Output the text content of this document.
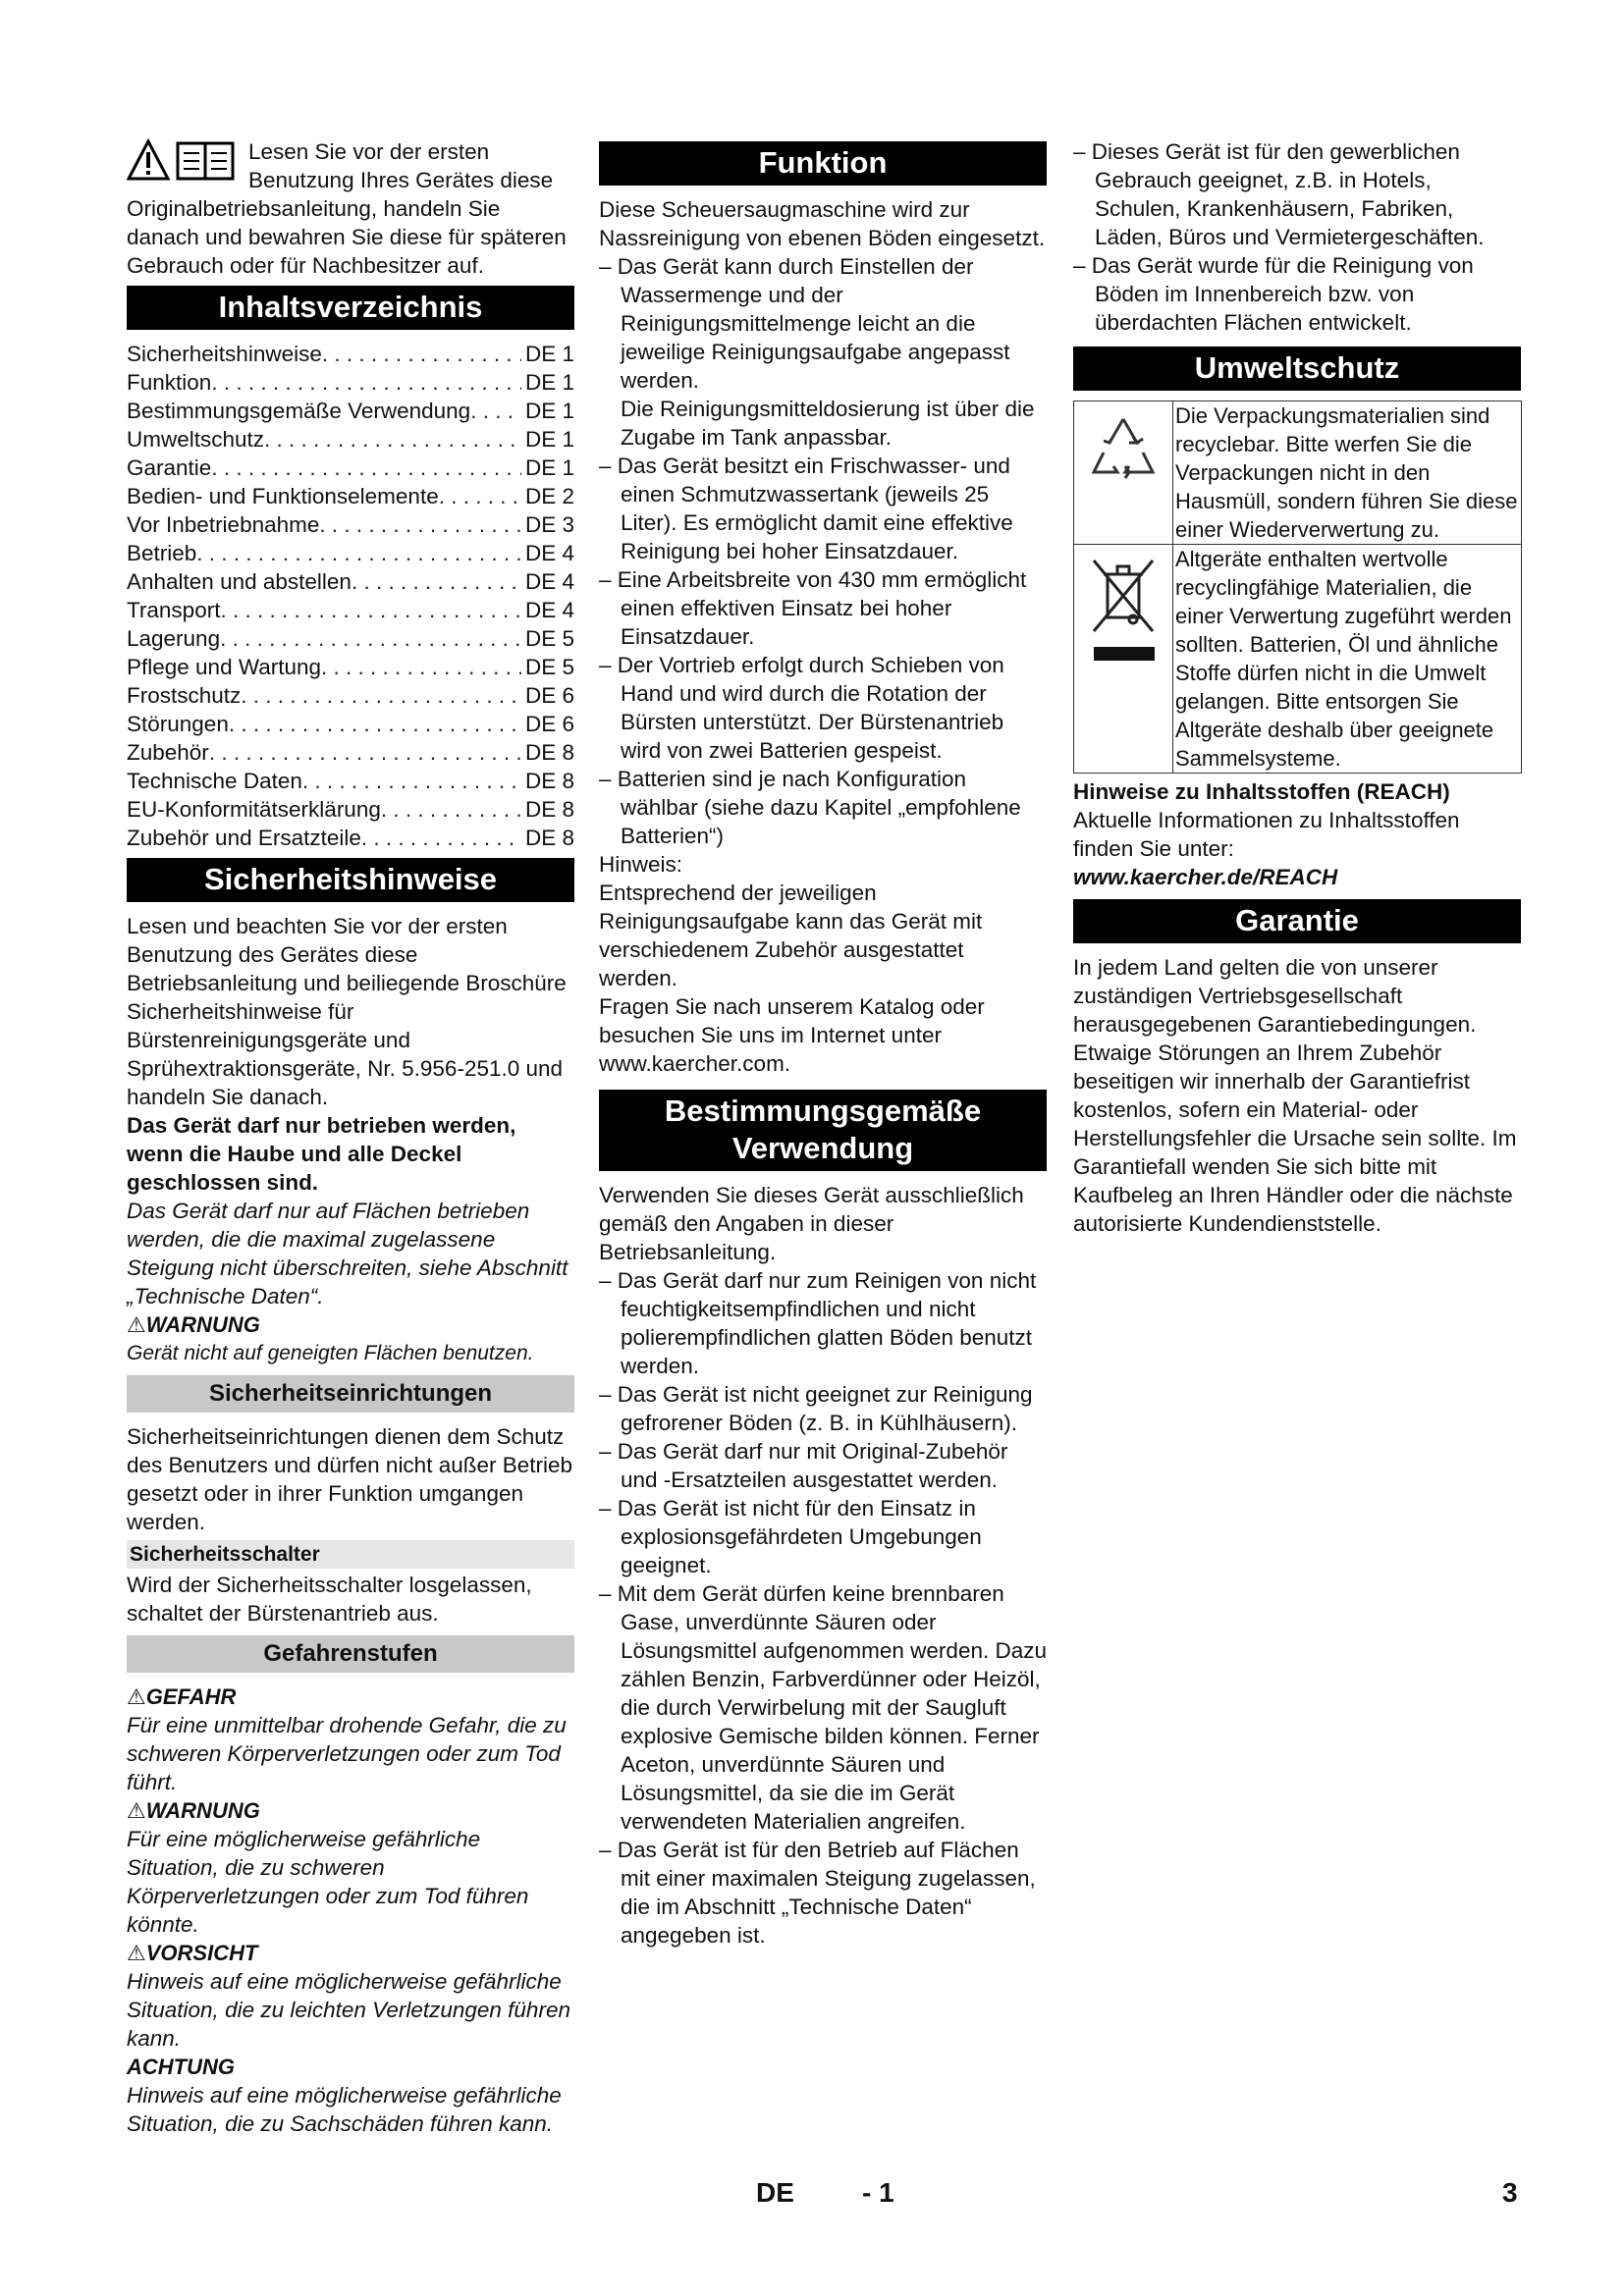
Lesen Sie vor der ersten Benutzung Ihres Gerätes diese Originalbetriebsanleitung, handeln Sie danach und bewahren Sie diese für späteren Gebrauch oder für Nachbesitzer auf.

Inhaltsverzeichnis
Sicherheitshinweise . . .	DE 1
Funktion . . .	DE 1
Bestimmungsgemäße Verwendung . . . DE 1
Umweltschutz . . .	DE 1
Garantie . . .	DE 1
Bedien- und Funktionselemente . . .	DE 2
Vor Inbetriebnahme . . .	DE 3
Betrieb . . .	DE 4
Anhalten und abstellen . . .	DE 4
Transport . . .	DE 4
Lagerung . . .	DE 5
Pflege und Wartung . . .	DE 5
Frostschutz . . .	DE 6
Störungen . . .	DE 6
Zubehör . . .	DE 8
Technische Daten . . .	DE 8
EU-Konformitätserklärung . . .	DE 8
Zubehör und Ersatzteile . . .	DE 8
Sicherheitshinweise

Lesen und beachten Sie vor der ersten Benutzung des Gerätes diese Betriebsanleitung und beiliegende Broschüre Sicherheitshinweise für Bürstenreinigungsgeräte und Sprühextraktionsgeräte, Nr. 5.956-251.0 und handeln Sie danach.

Das Gerät darf nur betrieben werden, wenn die Haube und alle Deckel geschlossen sind.

Das Gerät darf nur auf Flächen betrieben werden, die die maximal zugelassene Steigung nicht überschreiten, siehe Abschnitt „Technische Daten“.

⚠WARNUNG

Gerät nicht auf geneigten Flächen benutzen.

Sicherheitseinrichtungen

Sicherheitseinrichtungen dienen dem Schutz des Benutzers und dürfen nicht außer Betrieb gesetzt oder in ihrer Funktion umgangen werden.

Sicherheitsschalter

Wird der Sicherheitsschalter losgelassen, schaltet der Bürstenantrieb aus.

Gefahrenstufen

⚠GEFAHR

Für eine unmittelbar drohende Gefahr, die zu schweren Körperverletzungen oder zum Tod führt.

⚠WARNUNG

Für eine möglicherweise gefährliche Situation, die zu schweren Körperverletzungen oder zum Tod führen könnte.

⚠VORSICHT

Hinweis auf eine möglicherweise gefährliche Situation, die zu leichten Verletzungen führen kann.

ACHTUNG

Hinweis auf eine möglicherweise gefährliche Situation, die zu Sachschäden führen kann.

Funktion

Diese Scheuersaugmaschine wird zur Nassreinigung von ebenen Böden eingesetzt.

– Das Gerät kann durch Einstellen der Wassermenge und der Reinigungsmittelmenge leicht an die jeweilige Reinigungsaufgabe angepasst werden.

Die Reinigungsmitteldosierung ist über die Zugabe im Tank anpassbar.

– Das Gerät besitzt ein Frischwasser- und einen Schmutzwassertank (jeweils 25 Liter). Es ermöglicht damit eine effektive Reinigung bei hoher Einsatzdauer.

– Eine Arbeitsbreite von 430 mm ermöglicht einen effektiven Einsatz bei hoher Einsatzdauer.

– Der Vortrieb erfolgt durch Schieben von Hand und wird durch die Rotation der Bürsten unterstützt. Der Bürstenantrieb wird von zwei Batterien gespeist.

– Batterien sind je nach Konfiguration wählbar (siehe dazu Kapitel „empfohlene Batterien“)

Hinweis:

Entsprechend der jeweiligen Reinigungsaufgabe kann das Gerät mit verschiedenem Zubehör ausgestattet werden.

Fragen Sie nach unserem Katalog oder besuchen Sie uns im Internet unter www.kaercher.com.

Bestimmungsgemäße
Verwendung

Verwenden Sie dieses Gerät ausschließlich gemäß den Angaben in dieser Betriebsanleitung.

– Das Gerät darf nur zum Reinigen von nicht feuchtigkeitsempfindlichen und nicht polierempfindlichen glatten Böden benutzt werden.

– Das Gerät ist nicht geeignet zur Reinigung gefrorener Böden (z. B. in Kühlhäusern).

– Das Gerät darf nur mit Original-Zubehör und -Ersatzteilen ausgestattet werden.

– Das Gerät ist nicht für den Einsatz in explosionsgefährdeten Umgebungen geeignet.

– Mit dem Gerät dürfen keine brennbaren Gase, unverdünnte Säuren oder Lösungsmittel aufgenommen werden. Dazu zählen Benzin, Farbverdünner oder Heizöl, die durch Verwirbelung mit der Saugluft explosive Gemische bilden können. Ferner Aceton, unverdünnte Säuren und Lösungsmittel, da sie die im Gerät verwendeten Materialien angreifen.

– Das Gerät ist für den Betrieb auf Flächen mit einer maximalen Steigung zugelassen, die im Abschnitt „Technische Daten“ angegeben ist.

– Dieses Gerät ist für den gewerblichen Gebrauch geeignet, z.B. in Hotels, Schulen, Krankenhäusern, Fabriken, Läden, Büros und Vermietergeschäften.

– Das Gerät wurde für die Reinigung von Böden im Innenbereich bzw. von überdachten Flächen entwickelt.

Umweltschutz
	Die Verpackungsmaterialien sind recyclebar. Bitte werfen Sie die Verpackungen nicht in den Hausmüll, sondern führen Sie diese einer Wiederverwertung zu.
	Altgeräte enthalten wertvolle recyclingfähige Materialien, die einer Verwertung zugeführt werden sollten. Batterien, Öl und ähnliche Stoffe dürfen nicht in die Umwelt gelangen. Bitte entsorgen Sie Altgeräte deshalb über geeignete Sammelsysteme.

Hinweise zu Inhaltsstoffen (REACH)

Aktuelle Informationen zu Inhaltsstoffen finden Sie unter:

www.kaercher.de/REACH

Garantie

In jedem Land gelten die von unserer zuständigen Vertriebsgesellschaft herausgegebenen Garantiebedingungen. Etwaige Störungen an Ihrem Zubehör beseitigen wir innerhalb der Garantiefrist kostenlos, sofern ein Material- oder Herstellungsfehler die Ursache sein sollte. Im Garantiefall wenden Sie sich bitte mit Kaufbeleg an Ihren Händler oder die nächste autorisierte Kundendienststelle.

DE - 1	3
